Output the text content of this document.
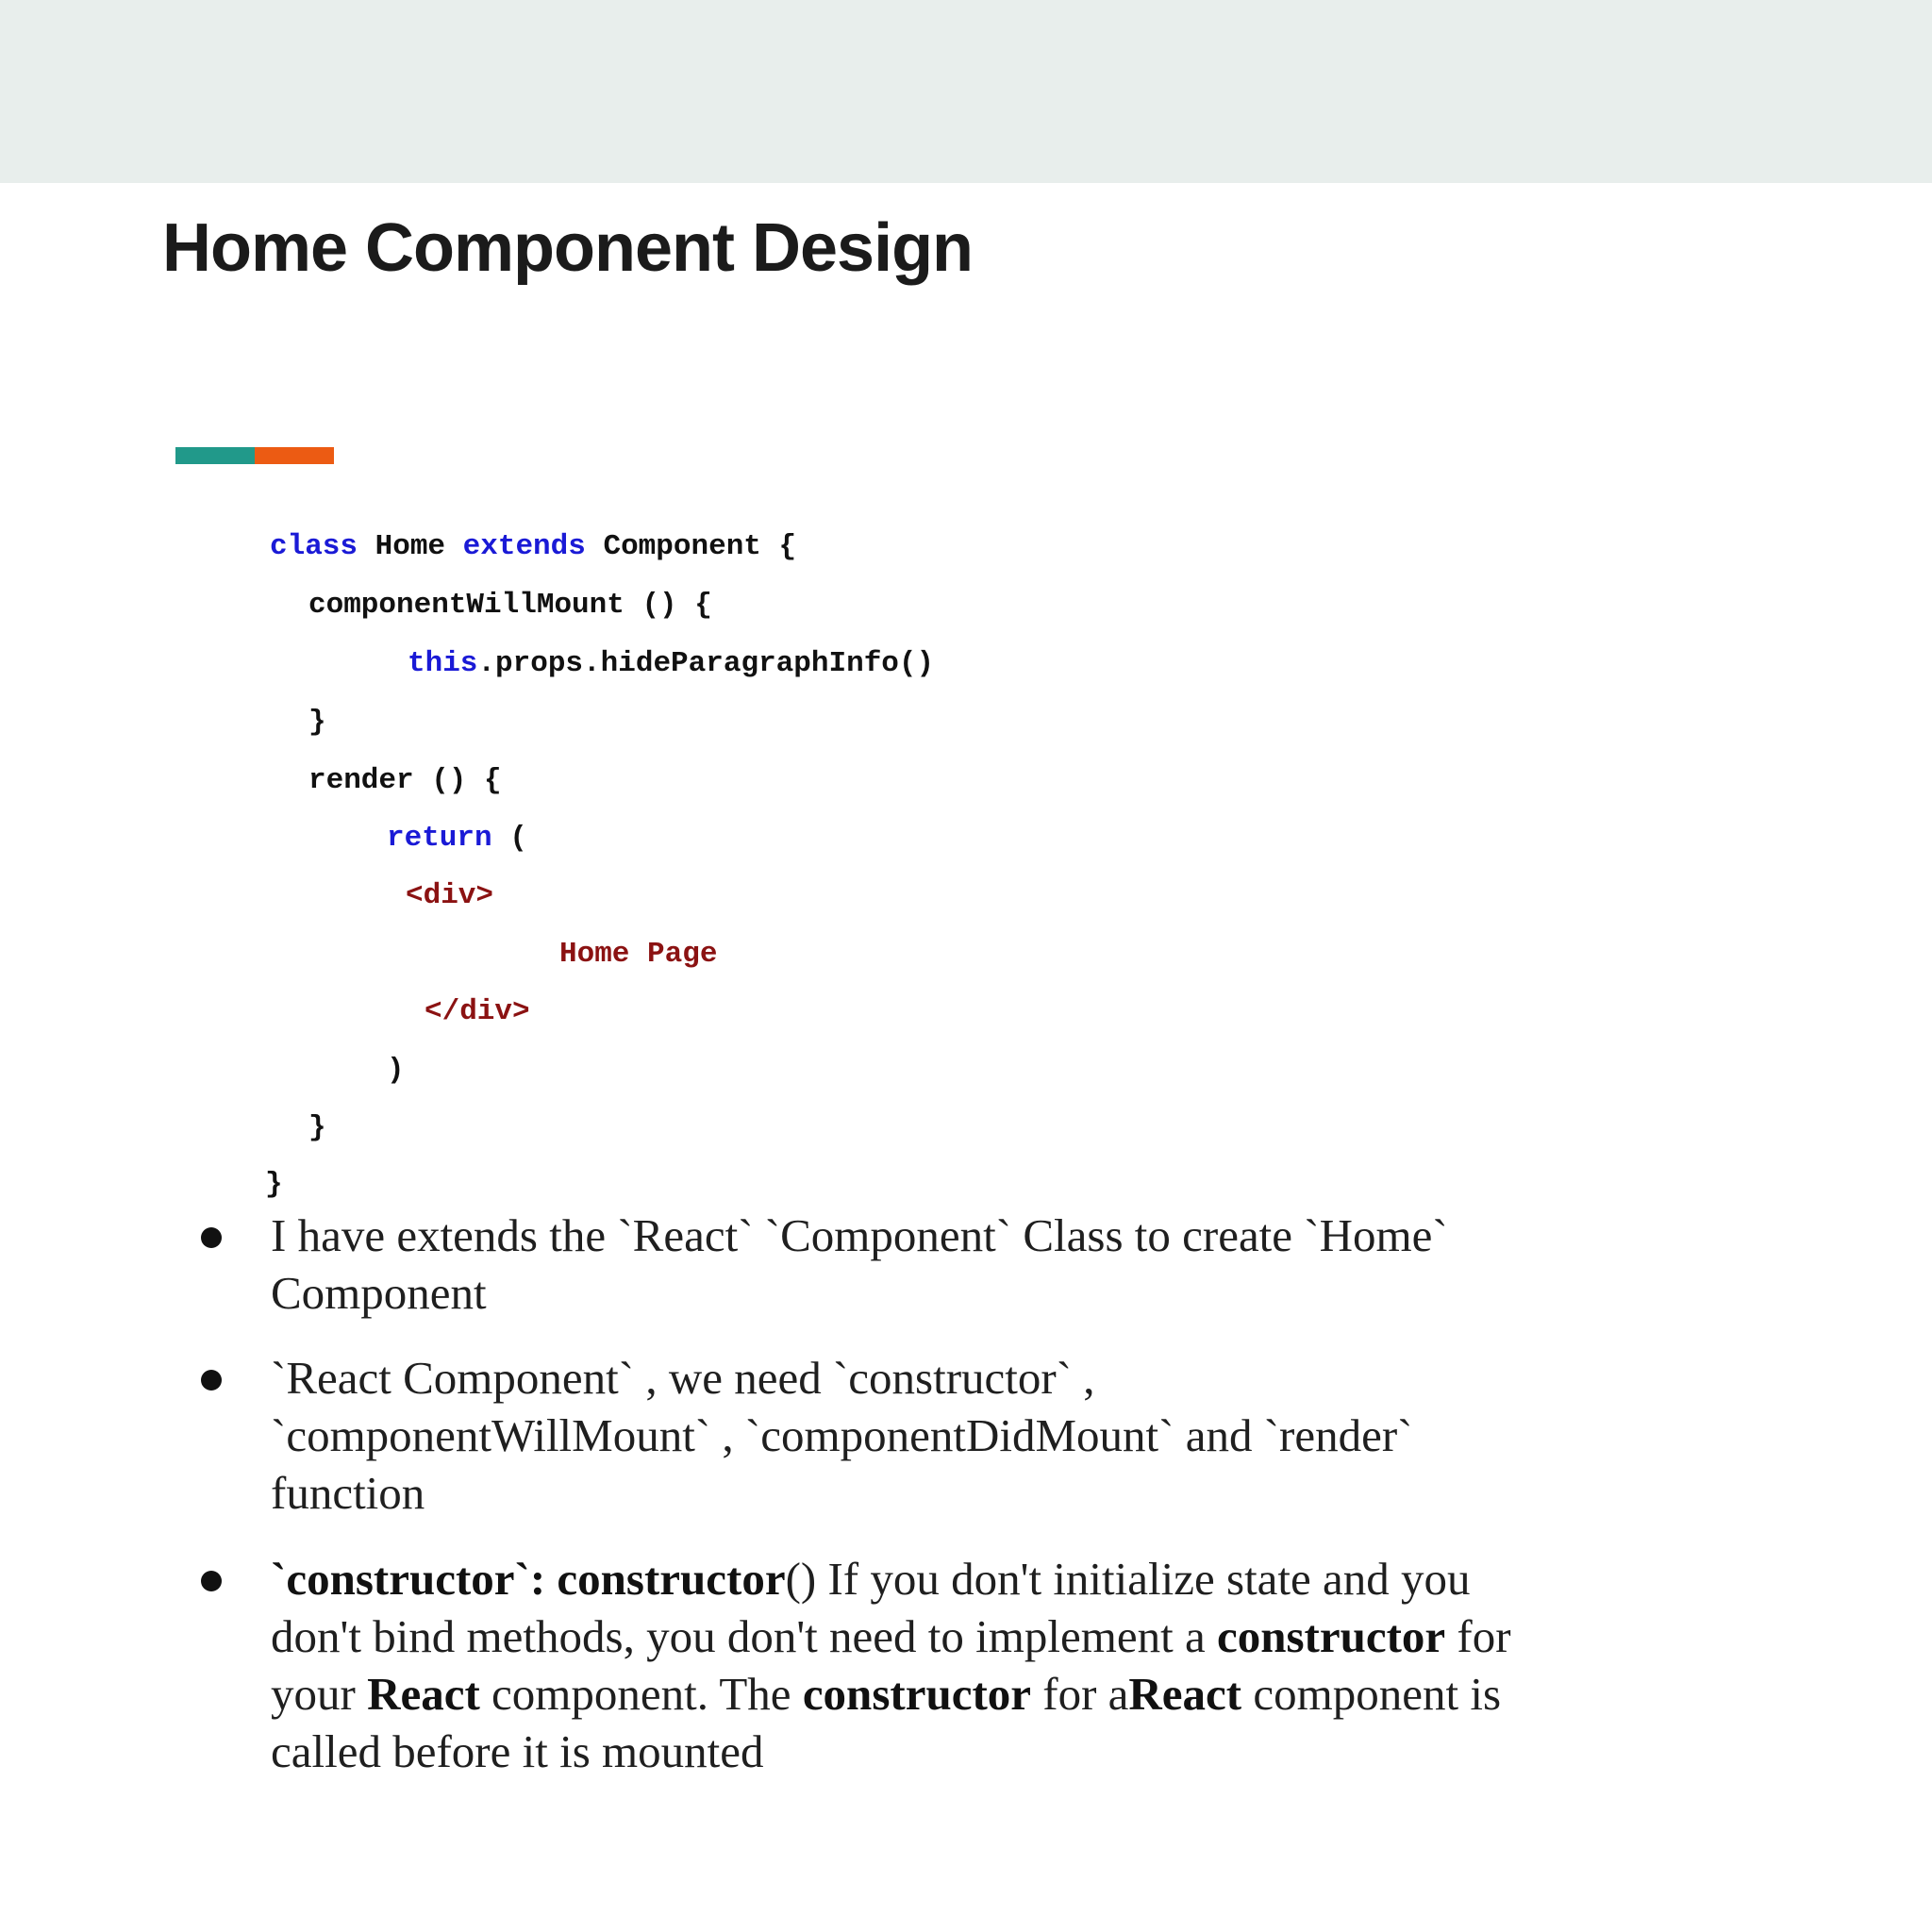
Home Component Design

class Home extends Component {

componentWillMount () {

this.props.hideParagraphInfo()

}

render () {

return (

<div>

Home Page

</div>

)

}

}

I have extends the `React` `Component` Class to create `Home`
Component

`React Component` , we need `constructor` ,
`componentWillMount` , `componentDidMount` and `render`
function

`constructor`: constructor() If you don't initialize state and you
don't bind methods, you don't need to implement a constructor for
your React component. The constructor for aReact component is
called before it is mounted
